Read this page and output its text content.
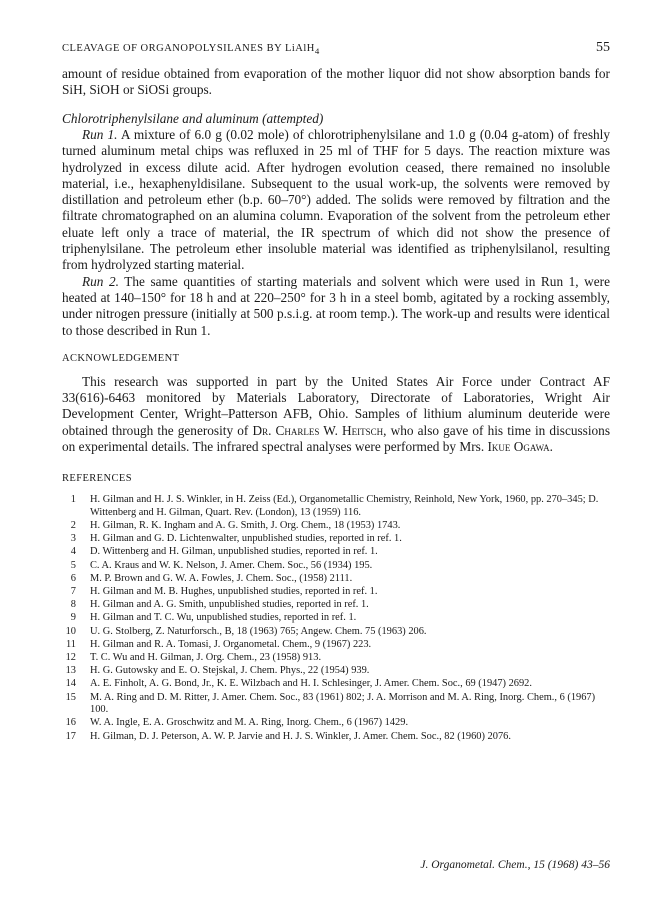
CLEAVAGE OF ORGANOPOLYSILANES BY LiAlH$_4$	55

amount of residue obtained from evaporation of the mother liquor did not show absorption bands for SiH, SiOH or SiOSi groups.

Chlorotriphenylsilane and aluminum (attempted)

Run 1. A mixture of 6.0 g (0.02 mole) of chlorotriphenylsilane and 1.0 g (0.04 g-atom) of freshly turned aluminum metal chips was refluxed in 25 ml of THF for 5 days. The reaction mixture was hydrolyzed in excess dilute acid. After hydrogen evolution ceased, there remained no insoluble material, i.e., hexaphenyldisilane. Subsequent to the usual work-up, the solvents were removed by distillation and petroleum ether (b.p. 60–70°) added. The solids were removed by filtration and the filtrate chromatographed on an alumina column. Evaporation of the solvent from the petroleum ether eluate left only a trace of material, the IR spectrum of which did not show the presence of triphenylsilane. The petroleum ether insoluble material was identified as triphenylsilanol, resulting from hydrolyzed starting material.

Run 2. The same quantities of starting materials and solvent which were used in Run 1, were heated at 140–150° for 18 h and at 220–250° for 3 h in a steel bomb, agitated by a rocking assembly, under nitrogen pressure (initially at 500 p.s.i.g. at room temp.). The work-up and results were identical to those described in Run 1.

ACKNOWLEDGEMENT

This research was supported in part by the United States Air Force under Contract AF 33(616)-6463 monitored by Materials Laboratory, Directorate of Laboratories, Wright Air Development Center, Wright–Patterson AFB, Ohio. Samples of lithium aluminum deuteride were obtained through the generosity of Dr. Charles W. Heitsch, who also gave of his time in discussions on experimental details. The infrared spectral analyses were performed by Mrs. Ikue Ogawa.

REFERENCES
1 H. Gilman and H. J. S. Winkler, in H. Zeiss (Ed.), Organometallic Chemistry, Reinhold, New York, 1960, pp. 270–345; D. Wittenberg and H. Gilman, Quart. Rev. (London), 13 (1959) 116.
2 H. Gilman, R. K. Ingham and A. G. Smith, J. Org. Chem., 18 (1953) 1743.
3 H. Gilman and G. D. Lichtenwalter, unpublished studies, reported in ref. 1.
4 D. Wittenberg and H. Gilman, unpublished studies, reported in ref. 1.
5 C. A. Kraus and W. K. Nelson, J. Amer. Chem. Soc., 56 (1934) 195.
6 M. P. Brown and G. W. A. Fowles, J. Chem. Soc., (1958) 2111.
7 H. Gilman and M. B. Hughes, unpublished studies, reported in ref. 1.
8 H. Gilman and A. G. Smith, unpublished studies, reported in ref. 1.
9 H. Gilman and T. C. Wu, unpublished studies, reported in ref. 1.
10 U. G. Stolberg, Z. Naturforsch., B, 18 (1963) 765; Angew. Chem. 75 (1963) 206.
11 H. Gilman and R. A. Tomasi, J. Organometal. Chem., 9 (1967) 223.
12 T. C. Wu and H. Gilman, J. Org. Chem., 23 (1958) 913.
13 H. G. Gutowsky and E. O. Stejskal, J. Chem. Phys., 22 (1954) 939.
14 A. E. Finholt, A. G. Bond, Jr., K. E. Wilzbach and H. I. Schlesinger, J. Amer. Chem. Soc., 69 (1947) 2692.
15 M. A. Ring and D. M. Ritter, J. Amer. Chem. Soc., 83 (1961) 802; J. A. Morrison and M. A. Ring, Inorg. Chem., 6 (1967) 100.
16 W. A. Ingle, E. A. Groschwitz and M. A. Ring, Inorg. Chem., 6 (1967) 1429.
17 H. Gilman, D. J. Peterson, A. W. P. Jarvie and H. J. S. Winkler, J. Amer. Chem. Soc., 82 (1960) 2076.
J. Organometal. Chem., 15 (1968) 43–56
